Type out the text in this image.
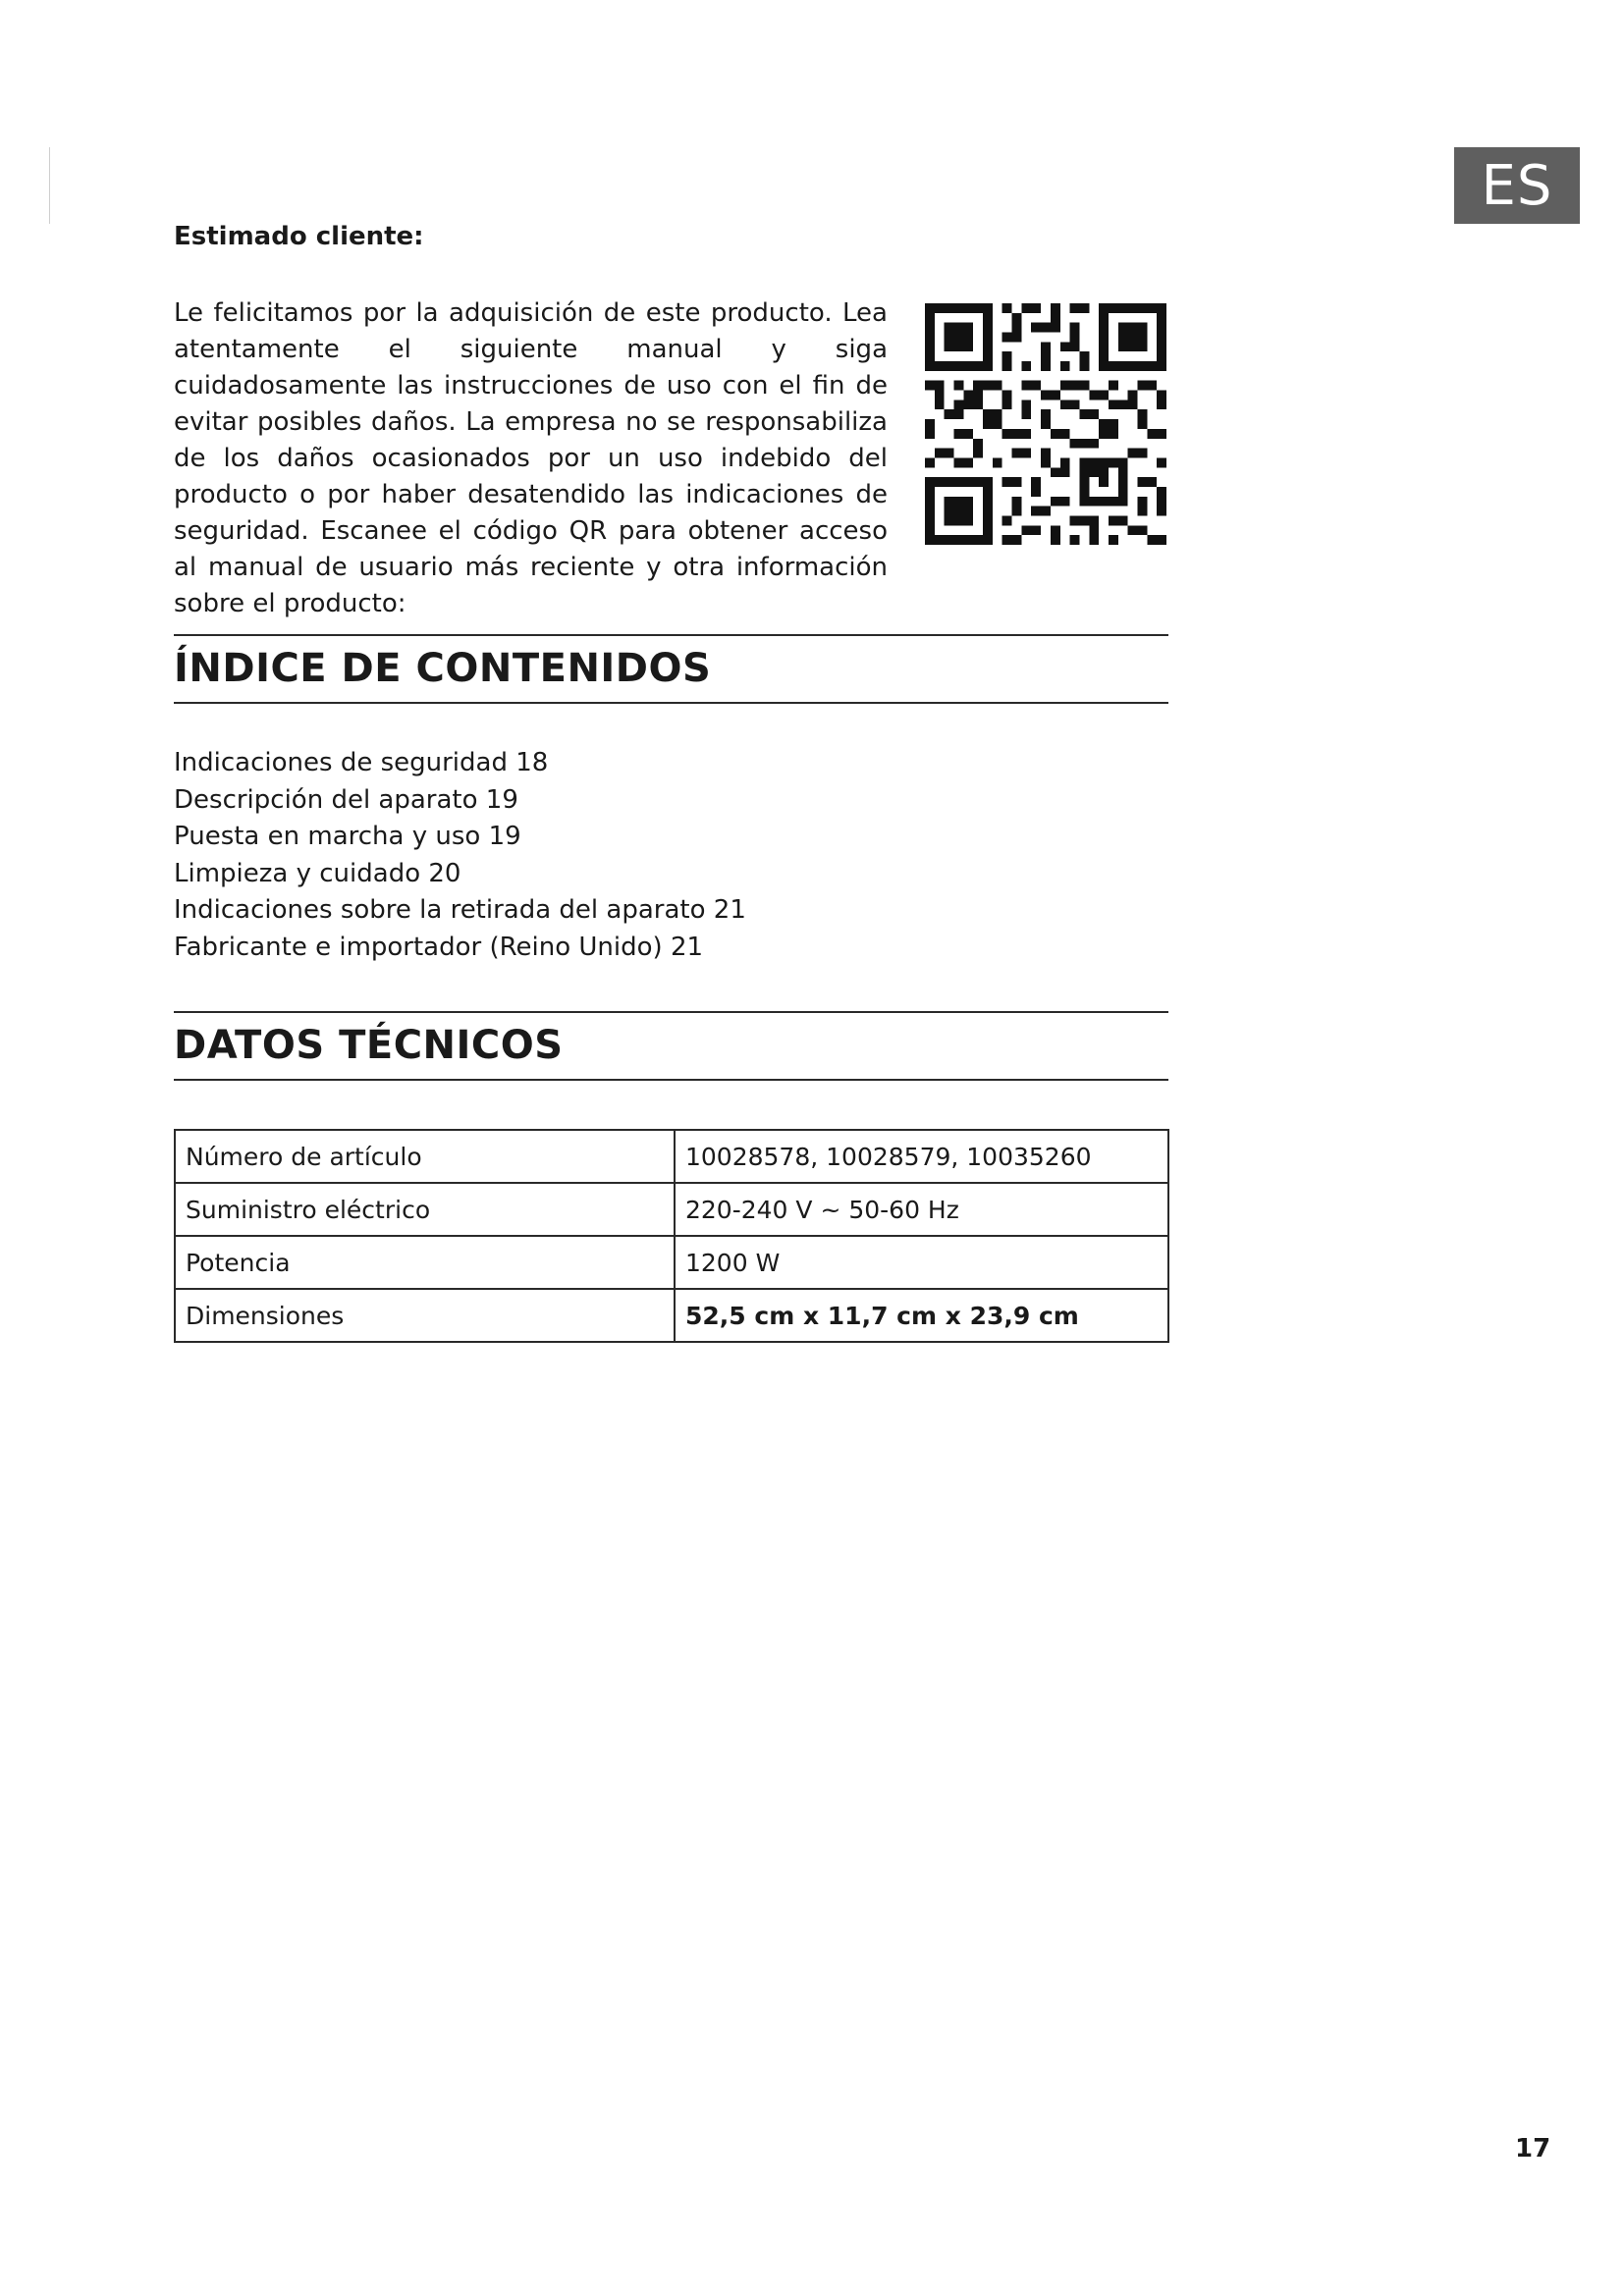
ES
Estimado cliente:

Le felicitamos por la adquisición de este producto. Lea atentamente el siguiente manual y siga cuidadosamente las instrucciones de uso con el fin de evitar posibles daños. La empresa no se responsabiliza de los daños ocasionados por un uso indebido del producto o por haber desatendido las indicaciones de seguridad. Escanee el código QR para obtener acceso al manual de usuario más reciente y otra información sobre el producto:

ÍNDICE DE CONTENIDOS
Indicaciones de seguridad 18
Descripción del aparato 19
Puesta en marcha y uso 19
Limpieza y cuidado 20
Indicaciones sobre la retirada del aparato 21
Fabricante e importador (Reino Unido) 21
DATOS TÉCNICOS
Número de artículo	10028578, 10028579, 10035260
Suministro eléctrico	220-240 V ~ 50-60 Hz
Potencia	1200 W
Dimensiones	52,5 cm x 11,7 cm x 23,9 cm
17
